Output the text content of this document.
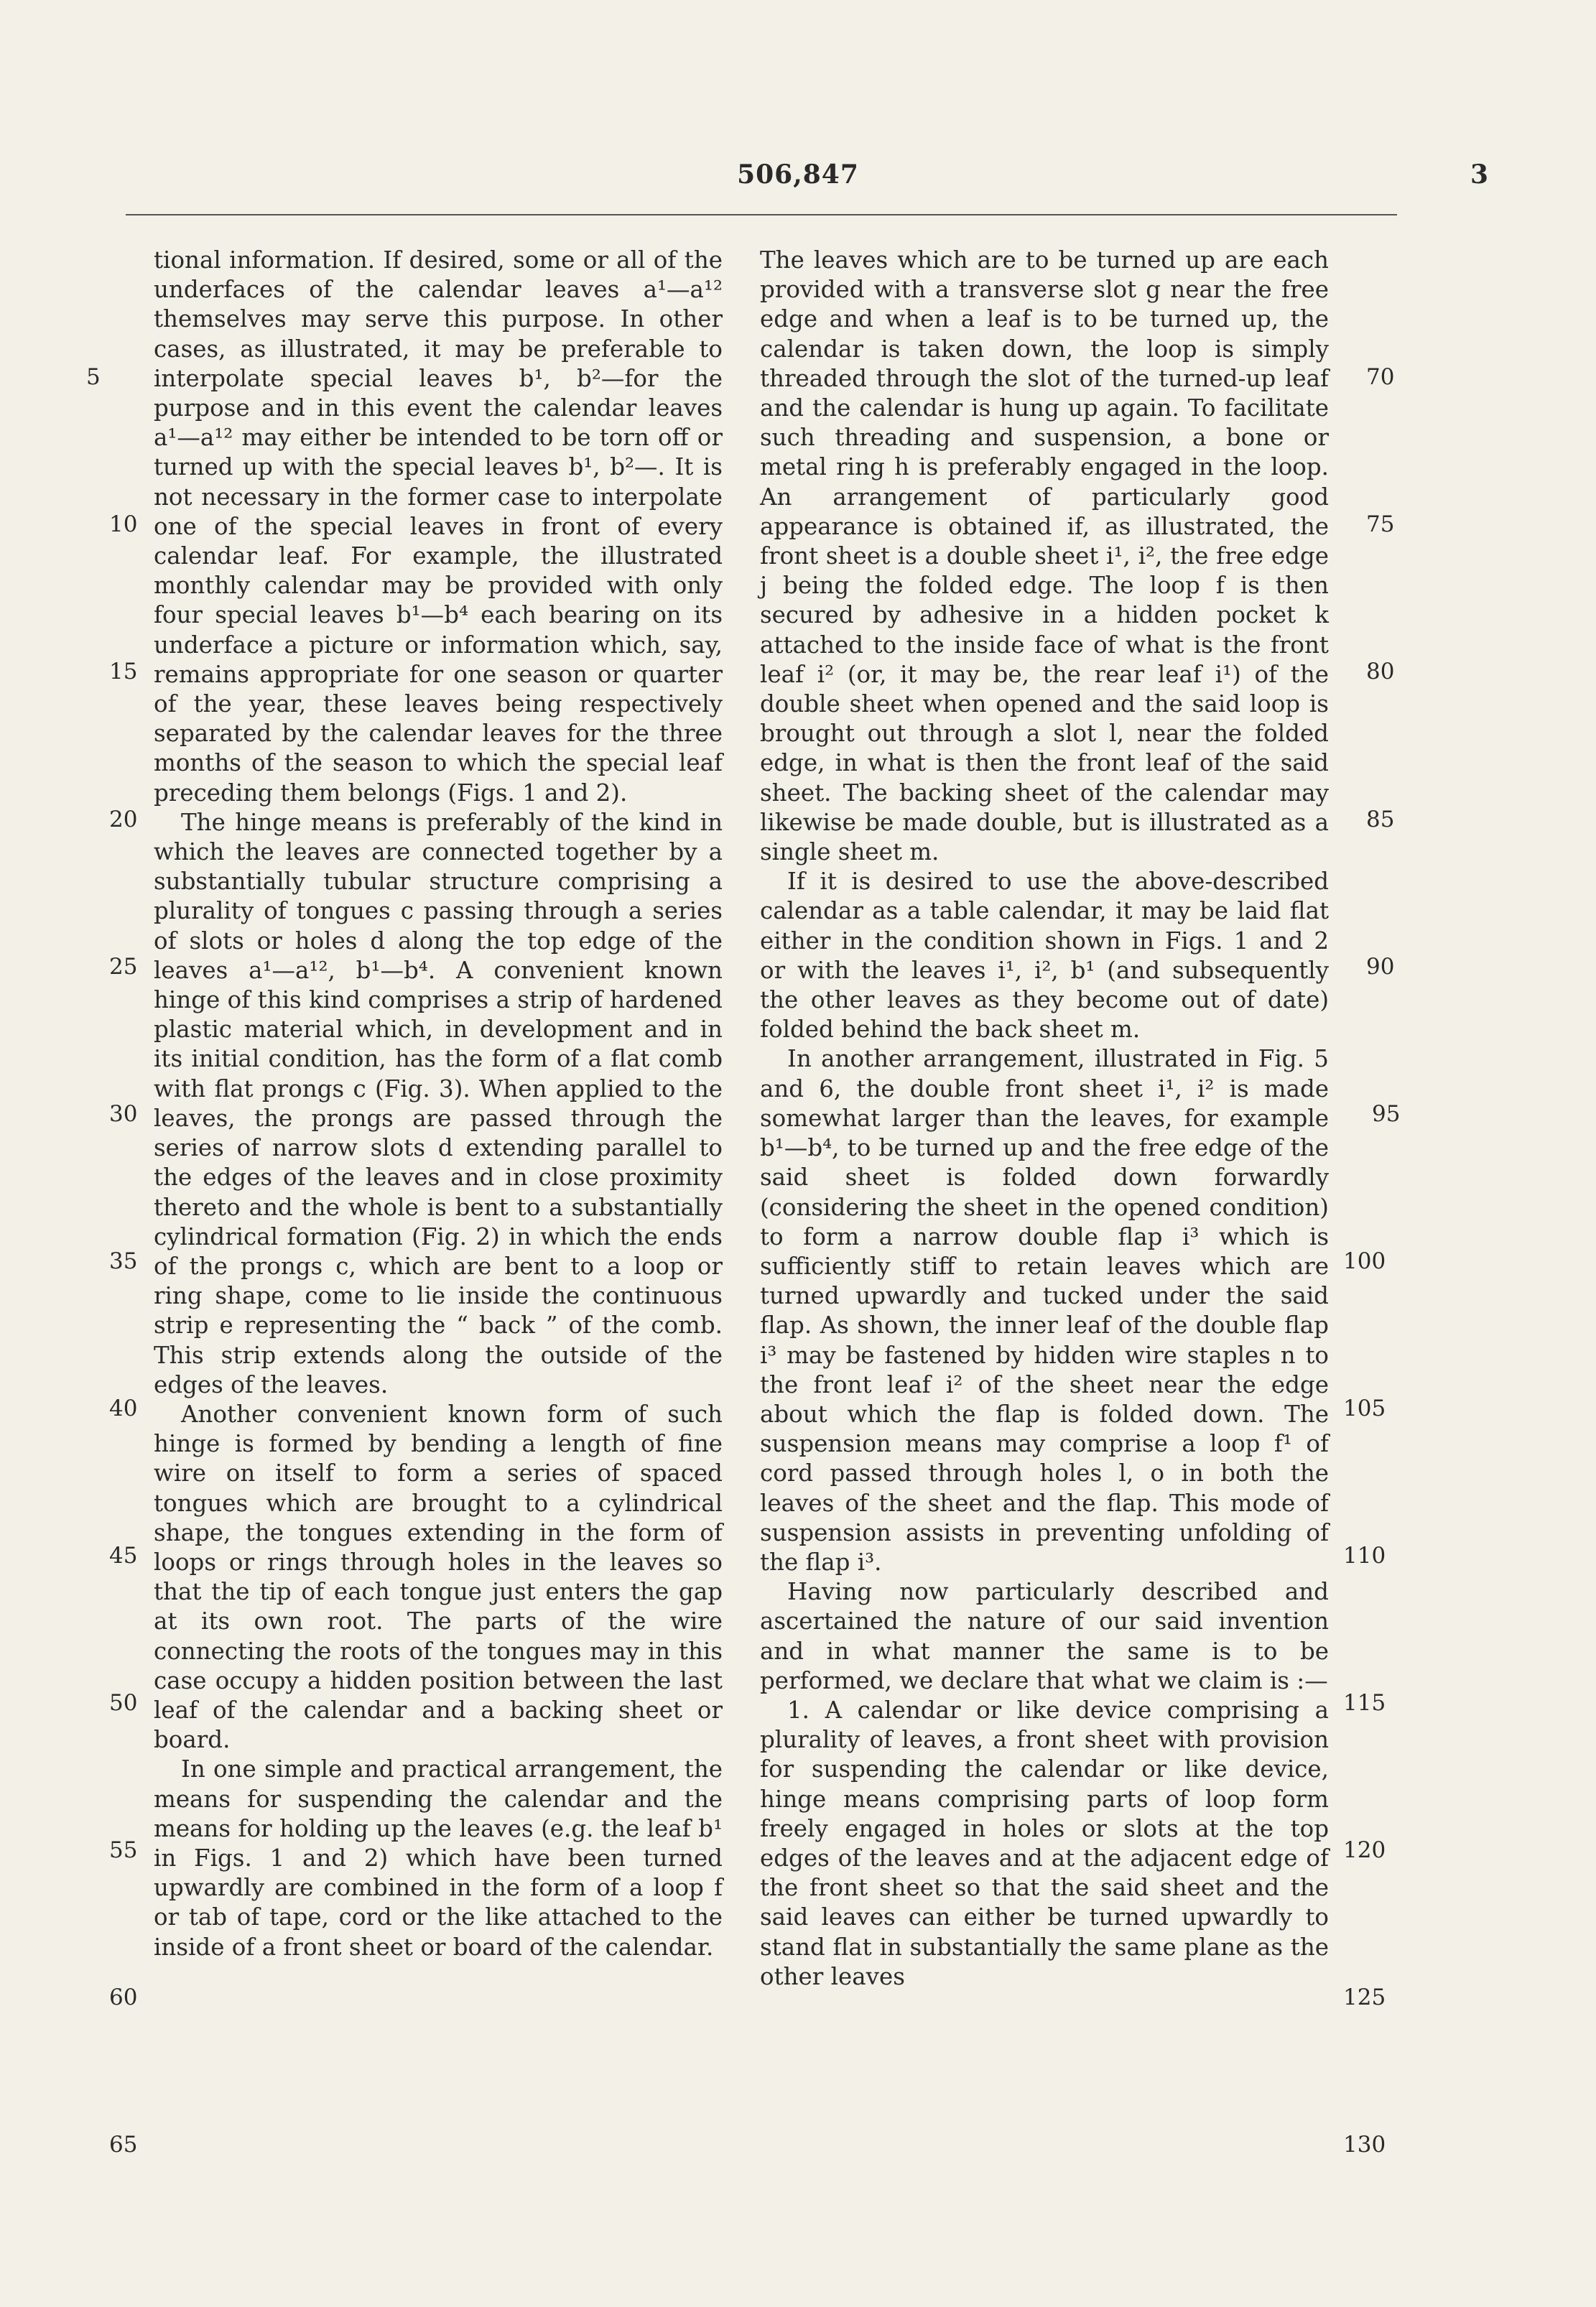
506,847	3
5
10
15
20
25
30
35
40
45
50
55
60
65
70
75
80
85
90
95
100
105
110
115
120
125
130

tional information. If desired, some or all of the underfaces of the calendar leaves a¹—a¹² themselves may serve this purpose. In other cases, as illustrated, it may be preferable to interpolate special leaves b¹, b²—for the purpose and in this event the calendar leaves a¹—a¹² may either be intended to be torn off or turned up with the special leaves b¹, b²—. It is not necessary in the former case to interpolate one of the special leaves in front of every calendar leaf. For example, the illustrated monthly calendar may be provided with only four special leaves b¹—b⁴ each bearing on its underface a picture or information which, say, remains appropriate for one season or quarter of the year, these leaves being respectively separated by the calendar leaves for the three months of the season to which the special leaf preceding them belongs (Figs. 1 and 2).

The hinge means is preferably of the kind in which the leaves are connected together by a substantially tubular structure comprising a plurality of tongues c passing through a series of slots or holes d along the top edge of the leaves a¹—a¹², b¹—b⁴. A convenient known hinge of this kind comprises a strip of hardened plastic material which, in development and in its initial condition, has the form of a flat comb with flat prongs c (Fig. 3). When applied to the leaves, the prongs are passed through the series of narrow slots d extending parallel to the edges of the leaves and in close proximity thereto and the whole is bent to a substantially cylindrical formation (Fig. 2) in which the ends of the prongs c, which are bent to a loop or ring shape, come to lie inside the continuous strip e representing the “ back ” of the comb. This strip extends along the outside of the edges of the leaves.

Another convenient known form of such hinge is formed by bending a length of fine wire on itself to form a series of spaced tongues which are brought to a cylindrical shape, the tongues extending in the form of loops or rings through holes in the leaves so that the tip of each tongue just enters the gap at its own root. The parts of the wire connecting the roots of the tongues may in this case occupy a hidden position between the last leaf of the calendar and a backing sheet or board.

In one simple and practical arrangement, the means for suspending the calendar and the means for holding up the leaves (e.g. the leaf b¹ in Figs. 1 and 2) which have been turned upwardly are combined in the form of a loop f or tab of tape, cord or the like attached to the inside of a front sheet or board of the calendar.

The leaves which are to be turned up are each provided with a transverse slot g near the free edge and when a leaf is to be turned up, the calendar is taken down, the loop is simply threaded through the slot of the turned-up leaf and the calendar is hung up again. To facilitate such threading and suspension, a bone or metal ring h is preferably engaged in the loop. An arrangement of particularly good appearance is obtained if, as illustrated, the front sheet is a double sheet i¹, i², the free edge j being the folded edge. The loop f is then secured by adhesive in a hidden pocket k attached to the inside face of what is the front leaf i² (or, it may be, the rear leaf i¹) of the double sheet when opened and the said loop is brought out through a slot l, near the folded edge, in what is then the front leaf of the said sheet. The backing sheet of the calendar may likewise be made double, but is illustrated as a single sheet m.

If it is desired to use the above-described calendar as a table calendar, it may be laid flat either in the condition shown in Figs. 1 and 2 or with the leaves i¹, i², b¹ (and subsequently the other leaves as they become out of date) folded behind the back sheet m.

In another arrangement, illustrated in Fig. 5 and 6, the double front sheet i¹, i² is made somewhat larger than the leaves, for example b¹—b⁴, to be turned up and the free edge of the said sheet is folded down forwardly (considering the sheet in the opened condition) to form a narrow double flap i³ which is sufficiently stiff to retain leaves which are turned upwardly and tucked under the said flap. As shown, the inner leaf of the double flap i³ may be fastened by hidden wire staples n to the front leaf i² of the sheet near the edge about which the flap is folded down. The suspension means may comprise a loop f¹ of cord passed through holes l, o in both the leaves of the sheet and the flap. This mode of suspension assists in preventing unfolding of the flap i³.

Having now particularly described and ascertained the nature of our said invention and in what manner the same is to be performed, we declare that what we claim is :—

1. A calendar or like device comprising a plurality of leaves, a front sheet with provision for suspending the calendar or like device, hinge means comprising parts of loop form freely engaged in holes or slots at the top edges of the leaves and at the adjacent edge of the front sheet so that the said sheet and the said leaves can either be turned upwardly to stand flat in substantially the same plane as the other leaves
